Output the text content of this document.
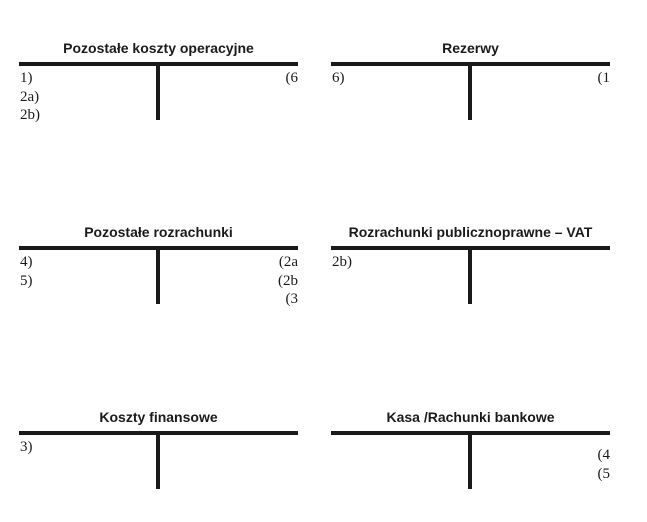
Pozostałe koszty operacyjne
1)
2a)
2b)
(6
Rezerwy
6)	(1
Pozostałe rozrachunki
4)
5)
(2a
(2b
(3
Rozrachunki publicznoprawne – VAT
2b)
Koszty finansowe
3)
Kasa /Rachunki bankowe
(4
(5
